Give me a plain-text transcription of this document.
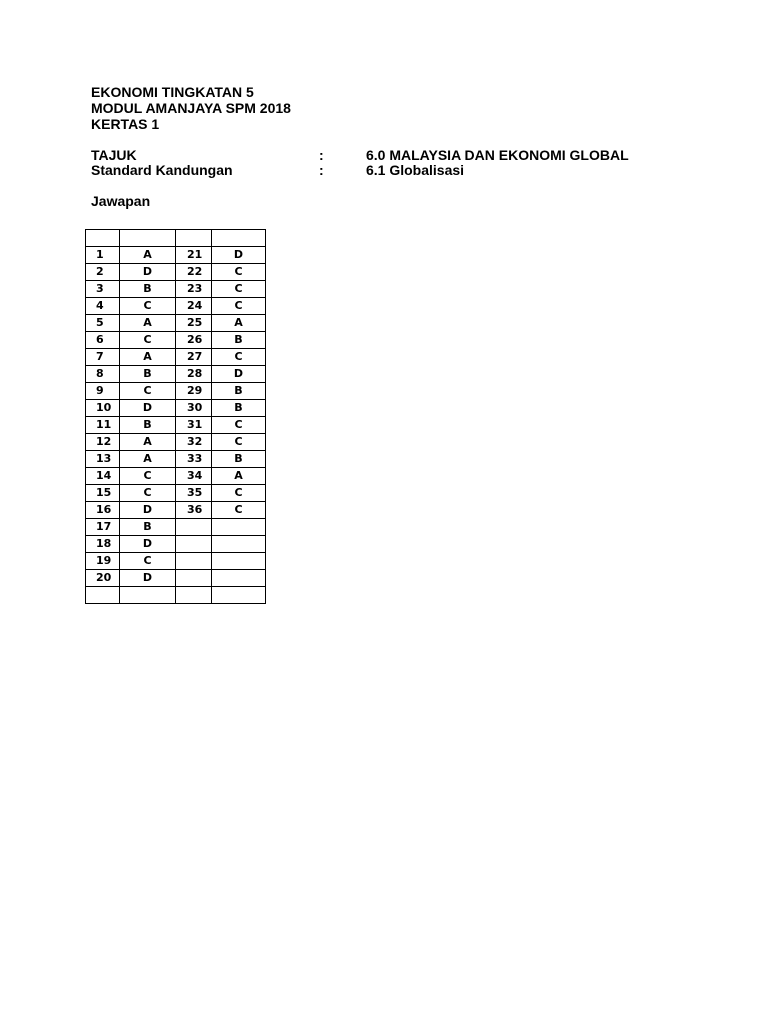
EKONOMI TINGKATAN 5
MODUL AMANJAYA SPM 2018
KERTAS 1
TAJUK	:	6.0 MALAYSIA DAN EKONOMI GLOBAL
Standard Kandungan	:	6.1 Globalisasi
Jawapan

1	A	21	D
2	D	22	C
3	B	23	C
4	C	24	C
5	A	25	A
6	C	26	B
7	A	27	C
8	B	28	D
9	C	29	B
10	D	30	B
11	B	31	C
12	A	32	C
13	A	33	B
14	C	34	A
15	C	35	C
16	D	36	C
17	B		
18	D		
19	C		
20	D		
